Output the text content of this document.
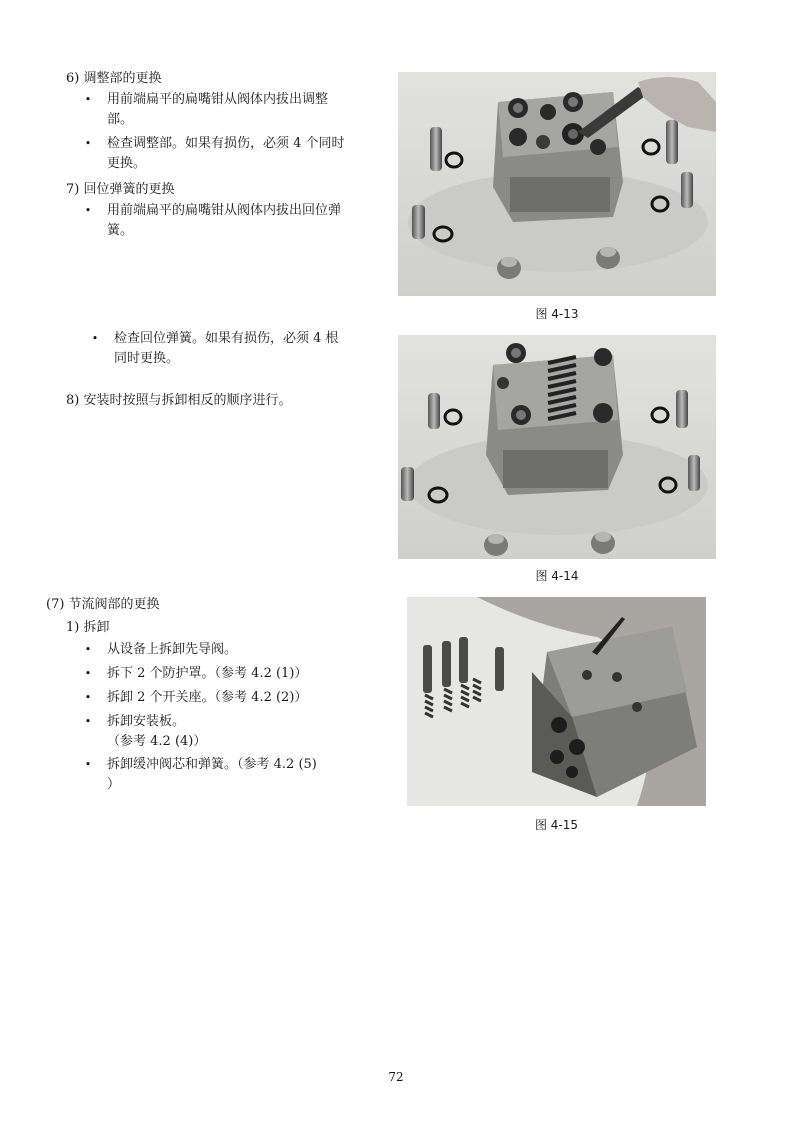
6) 调整部的更换
• 用前端扁平的扁嘴钳从阀体内拔出调整
部。
• 检查调整部。如果有损伤，必须 4 个同时
更换。
7) 回位弹簧的更换
• 用前端扁平的扁嘴钳从阀体内拔出回位弹
簧。
• 检查回位弹簧。如果有损伤，必须 4 根
同时更换。
8) 安装时按照与拆卸相反的顺序进行。
(7) 节流阀部的更换
1) 拆卸
• 从设备上拆卸先导阀。
• 拆下 2 个防护罩。（参考 4.2 (1)）
• 拆卸 2 个开关座。（参考 4.2 (2)）
• 拆卸安装板。
（参考 4.2 (4)）
• 拆卸缓冲阀芯和弹簧。（参考 4.2 (5)
）
图 4-13
图 4-14
图 4-15
72
